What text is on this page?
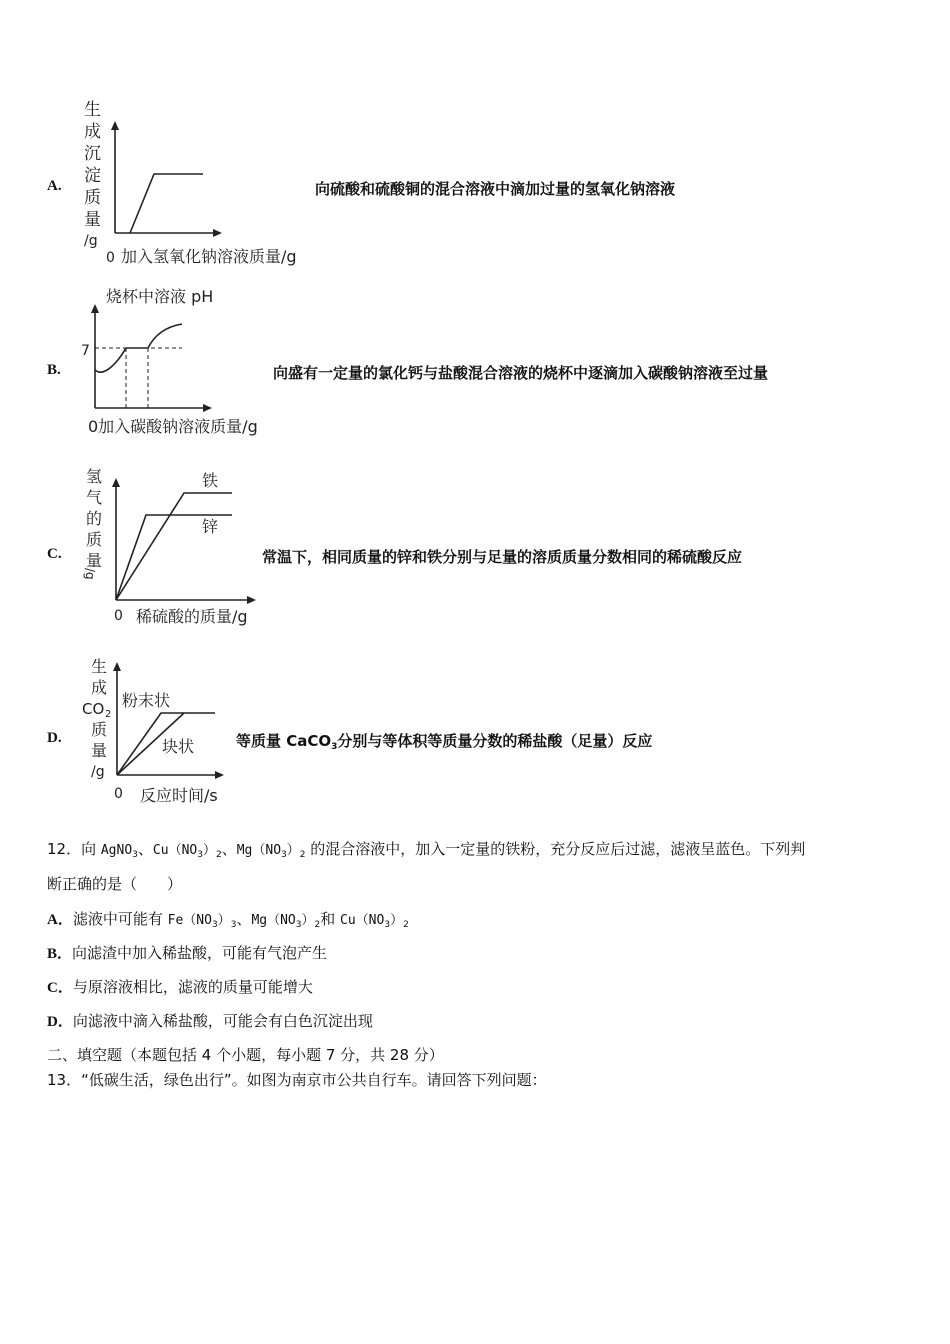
A.
生
成
沉
淀
质
量
/g
0 加入氢氧化钠溶液质量/g
向硫酸和硫酸铜的混合溶液中滴加过量的氢氧化钠溶液
B.
烧杯中溶液 pH
7
0加入碳酸钠溶液质量/g
向盛有一定量的氯化钙与盐酸混合溶液的烧杯中逐滴加入碳酸钠溶液至过量
C.
氢
气
的
质
量
/g
铁
锌
0 稀硫酸的质量/g
常温下，相同质量的锌和铁分别与足量的溶质质量分数相同的稀硫酸反应
D.
生
成
CO 2
质
量
/g
粉末状
块状
0 反应时间/s
等质量 CaCO$_3$分别与等体积等质量分数的稀盐酸（足量）反应
12．向 AgNO$_3$、$Cu(NO_3)_2$、$Mg(NO_3)_2$ 的混合溶液中，加入一定量的铁粉，充分反应后过滤，滤液呈蓝色。下列判
断正确的是（　　）
A．滤液中可能有 $Fe(NO_3)_3$、$Mg(NO_3)_2$和 $Cu(NO_3)_2$
B．向滤渣中加入稀盐酸，可能有气泡产生
C．与原溶液相比，滤液的质量可能增大
D．向滤液中滴入稀盐酸，可能会有白色沉淀出现
二、填空题（本题包括 4 个小题，每小题 7 分，共 28 分）
13．“低碳生活，绿色出行”。如图为南京市公共自行车。请回答下列问题：
